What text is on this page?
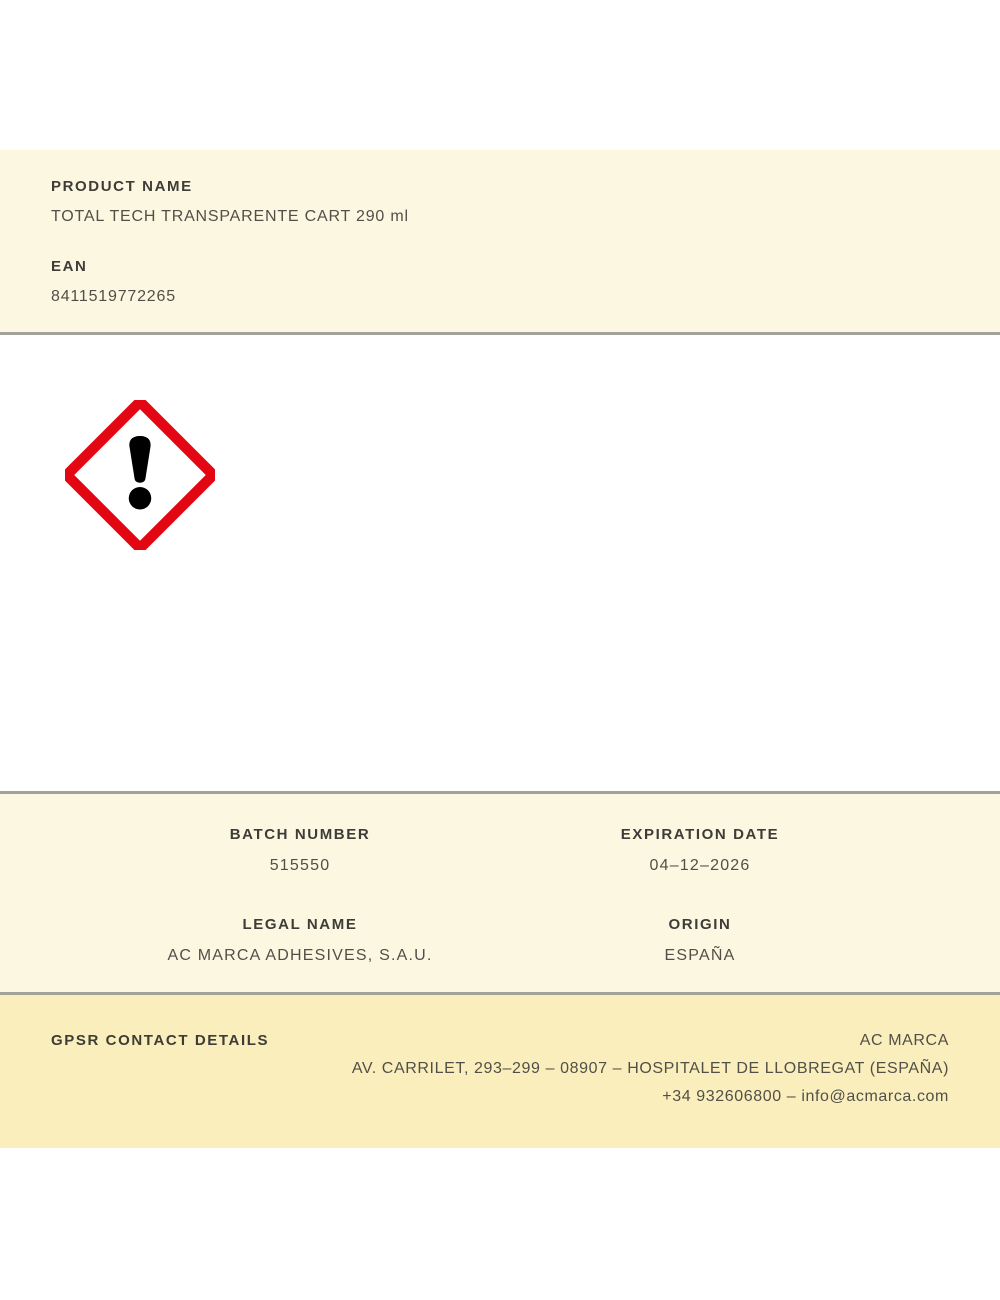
PRODUCT NAME
TOTAL TECH TRANSPARENTE CART 290 ml
EAN
8411519772265
BATCH NUMBER
515550
EXPIRATION DATE
04–12–2026
LEGAL NAME
AC MARCA ADHESIVES, S.A.U.
ORIGIN
ESPAÑA
GPSR CONTACT DETAILS	AC MARCA
AV. CARRILET, 293–299 – 08907 – HOSPITALET DE LLOBREGAT (ESPAÑA)
+34 932606800 – info@acmarca.com
